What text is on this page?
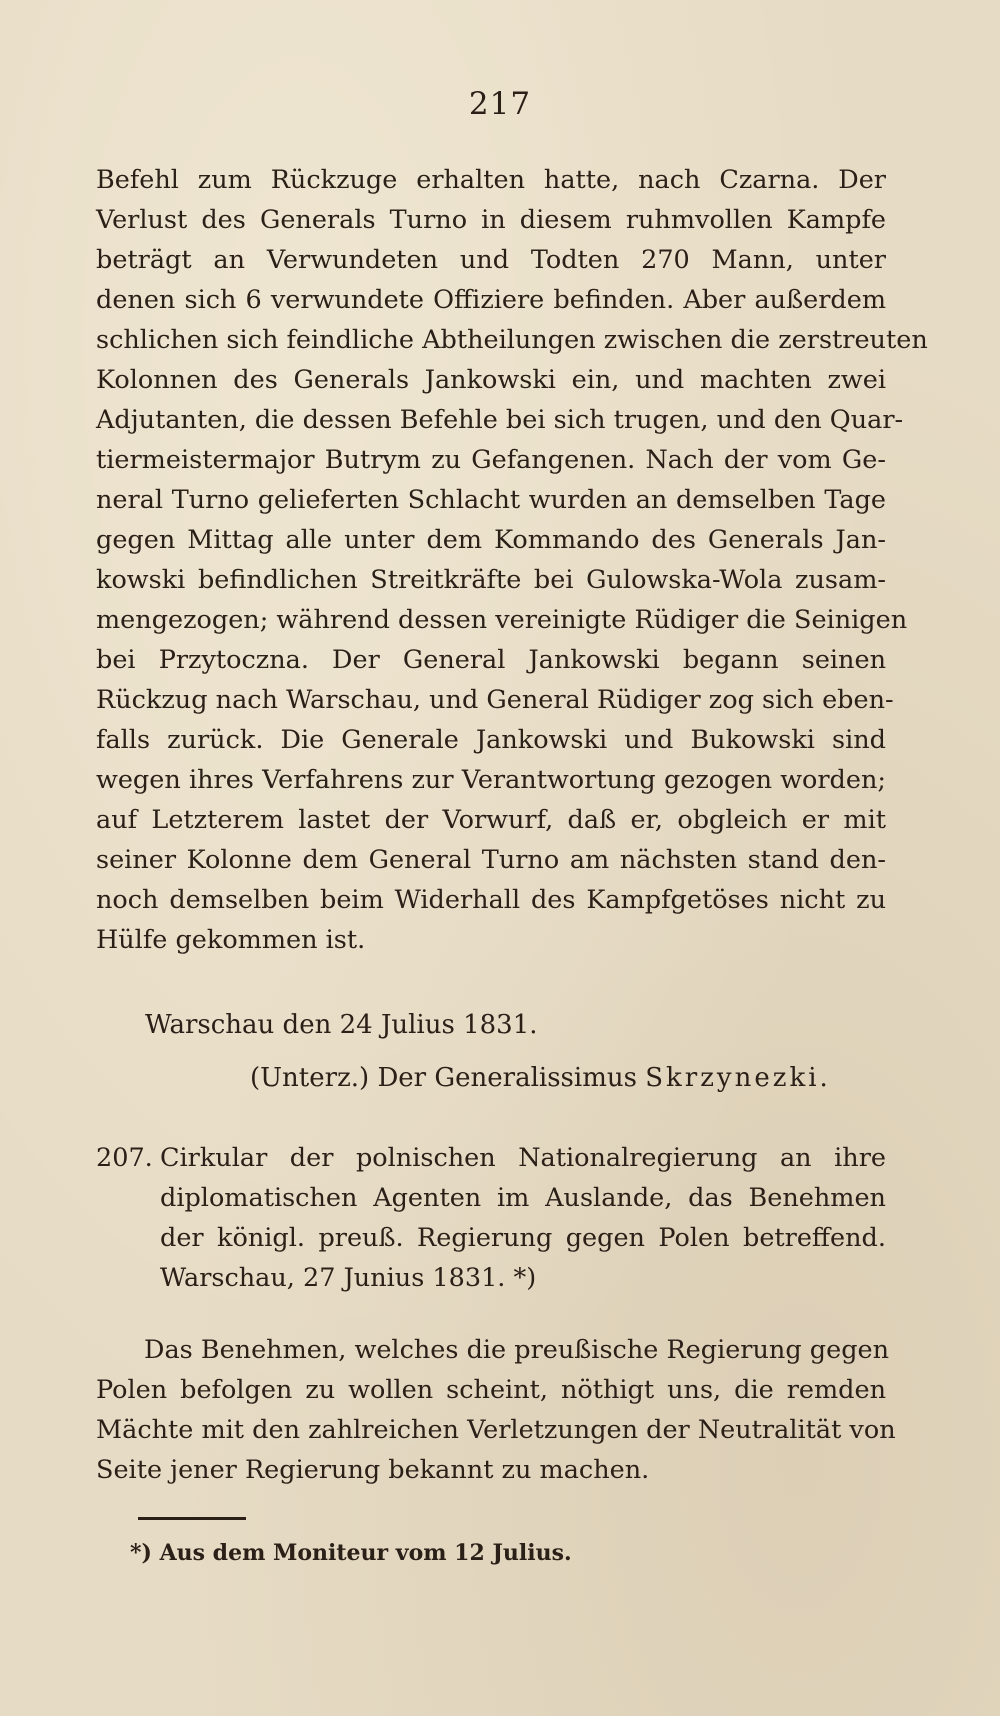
217
Befehl zum Rückzuge erhalten hatte, nach Czarna. Der
Verlust des Generals Turno in diesem ruhmvollen Kampfe
beträgt an Verwundeten und Todten 270 Mann, unter
denen sich 6 verwundete Offiziere befinden. Aber außerdem
schlichen sich feindliche Abtheilungen zwischen die zerstreuten
Kolonnen des Generals Jankowski ein, und machten zwei
Adjutanten, die dessen Befehle bei sich trugen, und den Quar-
tiermeistermajor Butrym zu Gefangenen. Nach der vom Ge-
neral Turno gelieferten Schlacht wurden an demselben Tage
gegen Mittag alle unter dem Kommando des Generals Jan-
kowski befindlichen Streitkräfte bei Gulowska-Wola zusam-
mengezogen; während dessen vereinigte Rüdiger die Seinigen
bei Przytoczna. Der General Jankowski begann seinen
Rückzug nach Warschau, und General Rüdiger zog sich eben-
falls zurück. Die Generale Jankowski und Bukowski sind
wegen ihres Verfahrens zur Verantwortung gezogen worden;
auf Letzterem lastet der Vorwurf, daß er, obgleich er mit
seiner Kolonne dem General Turno am nächsten stand den-
noch demselben beim Widerhall des Kampfgetöses nicht zu
Hülfe gekommen ist.
Warschau den 24 Julius 1831.
(Unterz.) Der Generalissimus Skrzynezki.
207. Cirkular der polnischen Nationalregierung an ihre
diplomatischen Agenten im Auslande, das Benehmen
der königl. preuß. Regierung gegen Polen betreffend.
Warschau, 27 Junius 1831. *)
Das Benehmen, welches die preußische Regierung gegen
Polen befolgen zu wollen scheint, nöthigt uns, die remden
Mächte mit den zahlreichen Verletzungen der Neutralität von
Seite jener Regierung bekannt zu machen.
*) Aus dem Moniteur vom 12 Julius.
